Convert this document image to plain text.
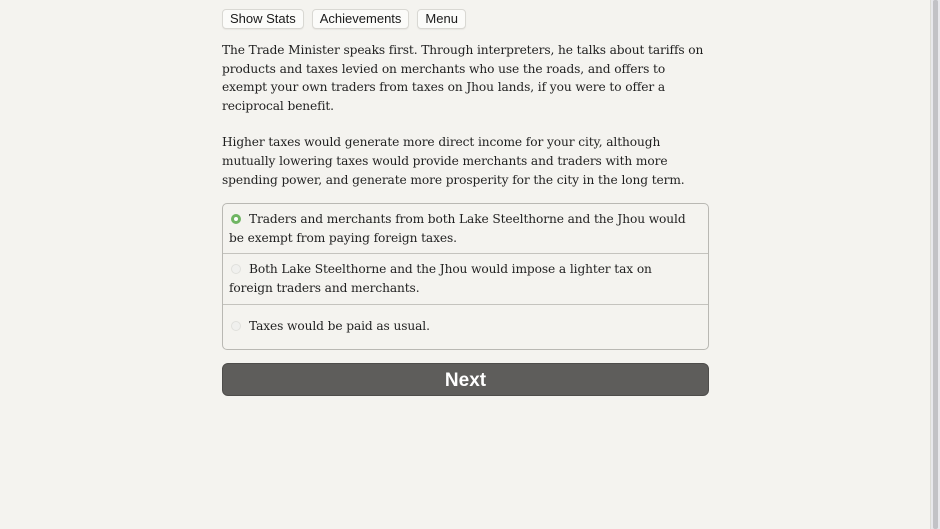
Show Stats	Achievements	Menu

The Trade Minister speaks first. Through interpreters, he talks about tariffs on products and taxes levied on merchants who use the roads, and offers to exempt your own traders from taxes on Jhou lands, if you were to offer a reciprocal benefit.

Higher taxes would generate more direct income for your city, although mutually lowering taxes would provide merchants and traders with more spending power, and generate more prosperity for the city in the long term.

Traders and merchants from both Lake Steelthorne and the Jhou would be exempt from paying foreign taxes.
Both Lake Steelthorne and the Jhou would impose a lighter tax on foreign traders and merchants.
Taxes would be paid as usual.
Next
